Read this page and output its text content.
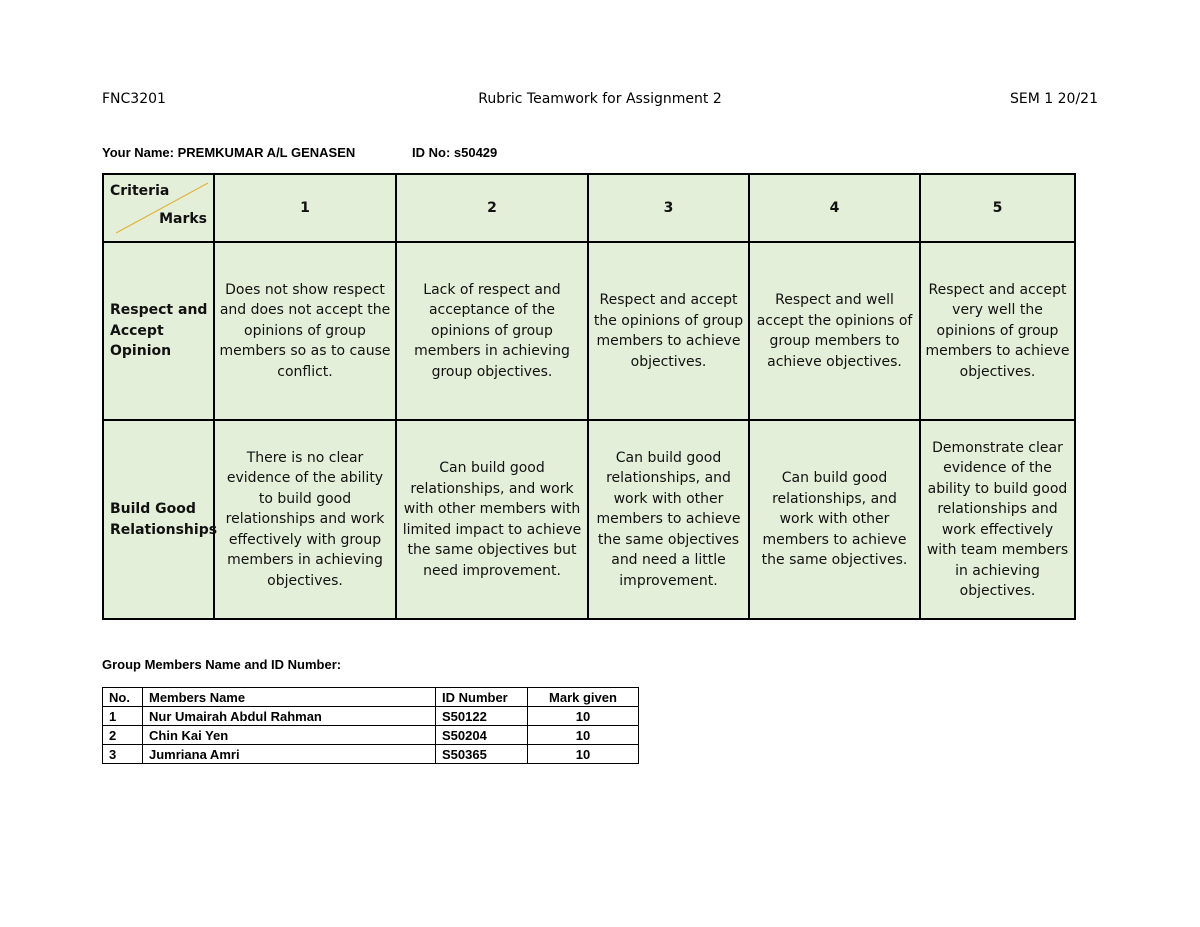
FNC3201	Rubric Teamwork for Assignment 2	SEM 1 20/21
Your Name: PREMKUMAR A/L GENASEN	ID No: s50429
Criteria
Marks	1	2	3	4	5
Respect and Accept Opinion	Does not show respect and does not accept the opinions of group members so as to cause conflict.	Lack of respect and acceptance of the opinions of group members in achieving group objectives.	Respect and accept the opinions of group members to achieve objectives.	Respect and well accept the opinions of group members to achieve objectives.	Respect and accept very well the opinions of group members to achieve objectives.
Build Good Relationships	There is no clear evidence of the ability to build good relationships and work effectively with group members in achieving objectives.	Can build good relationships, and work with other members with limited impact to achieve the same objectives but need improvement.	Can build good relationships, and work with other members to achieve the same objectives and need a little improvement.	Can build good relationships, and work with other members to achieve the same objectives.	Demonstrate clear evidence of the ability to build good relationships and work effectively with team members in achieving objectives.
Group Members Name and ID Number:
No.	Members Name	ID Number	Mark given
1	Nur Umairah Abdul Rahman	S50122	10
2	Chin Kai Yen	S50204	10
3	Jumriana Amri	S50365	10
